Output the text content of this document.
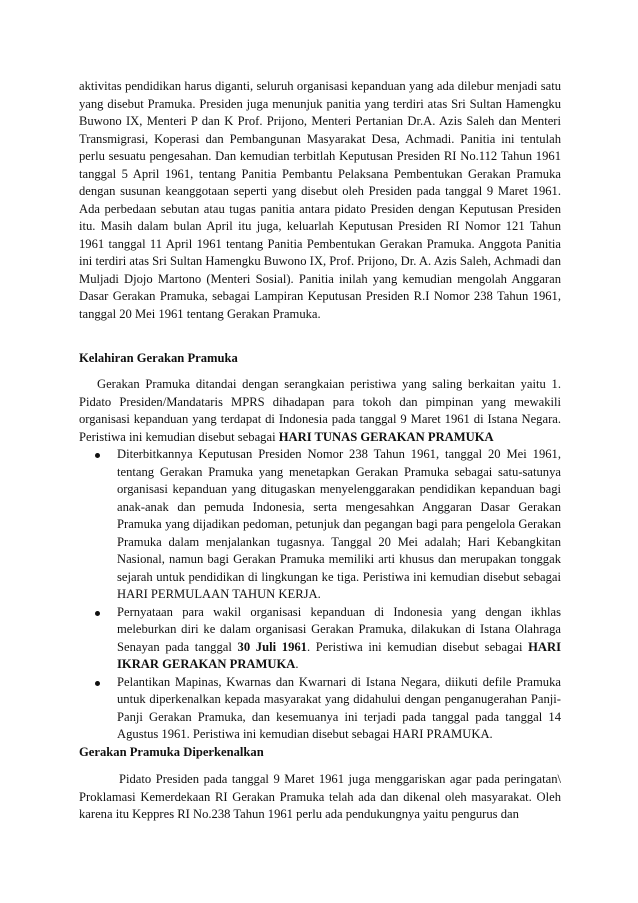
aktivitas pendidikan harus diganti, seluruh organisasi kepanduan yang ada dilebur menjadi satu yang disebut Pramuka. Presiden juga menunjuk panitia yang terdiri atas Sri Sultan Hamengku Buwono IX, Menteri P dan K Prof. Prijono, Menteri Pertanian Dr.A. Azis Saleh dan Menteri Transmigrasi, Koperasi dan Pembangunan Masyarakat Desa, Achmadi. Panitia ini tentulah perlu sesuatu pengesahan. Dan kemudian terbitlah Keputusan Presiden RI No.112 Tahun 1961 tanggal 5 April 1961, tentang Panitia Pembantu Pelaksana Pembentukan Gerakan Pramuka dengan susunan keanggotaan seperti yang disebut oleh Presiden pada tanggal 9 Maret 1961. Ada perbedaan sebutan atau tugas panitia antara pidato Presiden dengan Keputusan Presiden itu. Masih dalam bulan April itu juga, keluarlah Keputusan Presiden RI Nomor 121 Tahun 1961 tanggal 11 April 1961 tentang Panitia Pembentukan Gerakan Pramuka. Anggota Panitia ini terdiri atas Sri Sultan Hamengku Buwono IX, Prof. Prijono, Dr. A. Azis Saleh, Achmadi dan Muljadi Djojo Martono (Menteri Sosial). Panitia inilah yang kemudian mengolah Anggaran Dasar Gerakan Pramuka, sebagai Lampiran Keputusan Presiden R.I Nomor 238 Tahun 1961, tanggal 20 Mei 1961 tentang Gerakan Pramuka.

Kelahiran Gerakan Pramuka

Gerakan Pramuka ditandai dengan serangkaian peristiwa yang saling berkaitan yaitu 1. Pidato Presiden/Mandataris MPRS dihadapan para tokoh dan pimpinan yang mewakili organisasi kepanduan yang terdapat di Indonesia pada tanggal 9 Maret 1961 di Istana Negara. Peristiwa ini kemudian disebut sebagai HARI TUNAS GERAKAN PRAMUKA

Diterbitkannya Keputusan Presiden Nomor 238 Tahun 1961, tanggal 20 Mei 1961, tentang Gerakan Pramuka yang menetapkan Gerakan Pramuka sebagai satu-satunya organisasi kepanduan yang ditugaskan menyelenggarakan pendidikan kepanduan bagi anak-anak dan pemuda Indonesia, serta mengesahkan Anggaran Dasar Gerakan Pramuka yang dijadikan pedoman, petunjuk dan pegangan bagi para pengelola Gerakan Pramuka dalam menjalankan tugasnya. Tanggal 20 Mei adalah; Hari Kebangkitan Nasional, namun bagi Gerakan Pramuka memiliki arti khusus dan merupakan tonggak sejarah untuk pendidikan di lingkungan ke tiga. Peristiwa ini kemudian disebut sebagai HARI PERMULAAN TAHUN KERJA.
Pernyataan para wakil organisasi kepanduan di Indonesia yang dengan ikhlas meleburkan diri ke dalam organisasi Gerakan Pramuka, dilakukan di Istana Olahraga Senayan pada tanggal 30 Juli 1961. Peristiwa ini kemudian disebut sebagai HARI IKRAR GERAKAN PRAMUKA.
Pelantikan Mapinas, Kwarnas dan Kwarnari di Istana Negara, diikuti defile Pramuka untuk diperkenalkan kepada masyarakat yang didahului dengan penganugerahan Panji-Panji Gerakan Pramuka, dan kesemuanya ini terjadi pada tanggal pada tanggal 14 Agustus 1961. Peristiwa ini kemudian disebut sebagai HARI PRAMUKA.
Gerakan Pramuka Diperkenalkan

Pidato Presiden pada tanggal 9 Maret 1961 juga menggariskan agar pada peringatan\ Proklamasi Kemerdekaan RI Gerakan Pramuka telah ada dan dikenal oleh masyarakat. Oleh karena itu Keppres RI No.238 Tahun 1961 perlu ada pendukungnya yaitu pengurus dan
